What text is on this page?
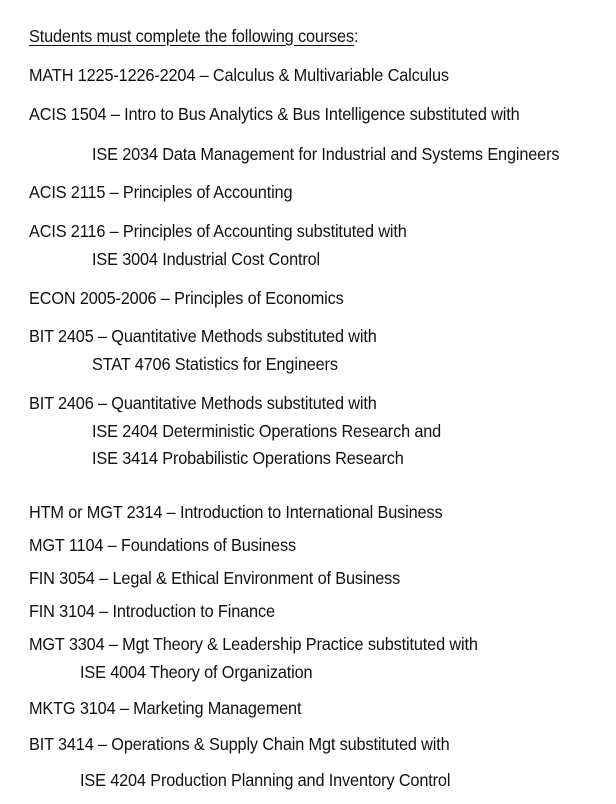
Students must complete the following courses:
MATH 1225-1226-2204 – Calculus & Multivariable Calculus
ACIS 1504 – Intro to Bus Analytics & Bus Intelligence substituted with
ISE 2034 Data Management for Industrial and Systems Engineers
ACIS 2115 – Principles of Accounting
ACIS 2116 – Principles of Accounting substituted with
ISE 3004 Industrial Cost Control
ECON 2005-2006 – Principles of Economics
BIT 2405 – Quantitative Methods substituted with
STAT 4706 Statistics for Engineers
BIT 2406 – Quantitative Methods substituted with
ISE 2404 Deterministic Operations Research and
ISE 3414 Probabilistic Operations Research
HTM or MGT 2314 – Introduction to International Business
MGT 1104 – Foundations of Business
FIN 3054 – Legal & Ethical Environment of Business
FIN 3104 – Introduction to Finance
MGT 3304 – Mgt Theory & Leadership Practice substituted with
ISE 4004 Theory of Organization
MKTG 3104 – Marketing Management
BIT 3414 – Operations & Supply Chain Mgt substituted with
ISE 4204 Production Planning and Inventory Control
